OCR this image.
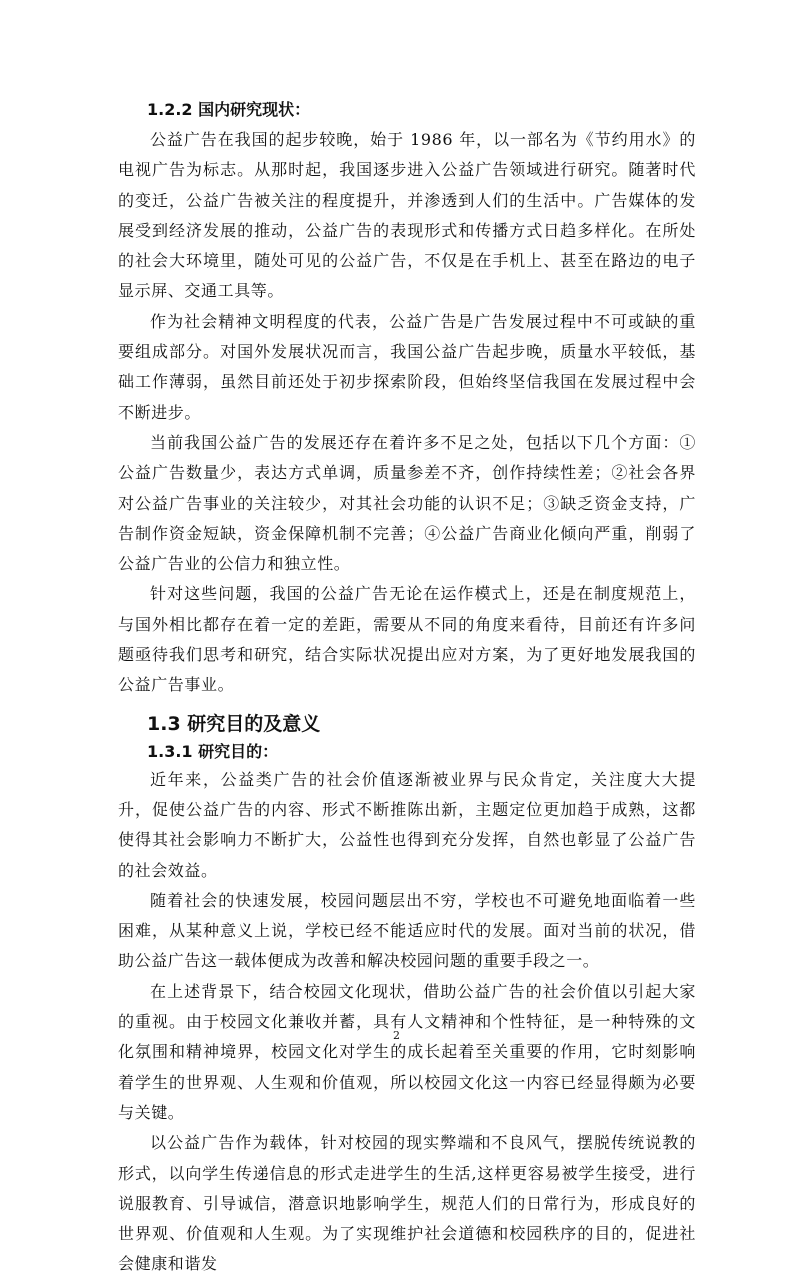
1.2.2 国内研究现状：

公益广告在我国的起步较晚，始于 1986 年，以一部名为《节约用水》的电视广告为标志。从那时起，我国逐步进入公益广告领域进行研究。随著时代的变迁，公益广告被关注的程度提升，并渗透到人们的生活中。广告媒体的发展受到经济发展的推动，公益广告的表现形式和传播方式日趋多样化。在所处的社会大环境里，随处可见的公益广告，不仅是在手机上、甚至在路边的电子显示屏、交通工具等。

作为社会精神文明程度的代表，公益广告是广告发展过程中不可或缺的重要组成部分。对国外发展状况而言，我国公益广告起步晚，质量水平较低，基础工作薄弱，虽然目前还处于初步探索阶段，但始终坚信我国在发展过程中会不断进步。

当前我国公益广告的发展还存在着许多不足之处，包括以下几个方面：①公益广告数量少，表达方式单调，质量参差不齐，创作持续性差；②社会各界对公益广告事业的关注较少，对其社会功能的认识不足；③缺乏资金支持，广告制作资金短缺，资金保障机制不完善；④公益广告商业化倾向严重，削弱了公益广告业的公信力和独立性。

针对这些问题，我国的公益广告无论在运作模式上，还是在制度规范上，与国外相比都存在着一定的差距，需要从不同的角度来看待，目前还有许多问题亟待我们思考和研究，结合实际状况提出应对方案，为了更好地发展我国的公益广告事业。

1.3 研究目的及意义
1.3.1 研究目的：

近年来，公益类广告的社会价值逐渐被业界与民众肯定，关注度大大提升，促使公益广告的内容、形式不断推陈出新，主题定位更加趋于成熟，这都使得其社会影响力不断扩大，公益性也得到充分发挥，自然也彰显了公益广告的社会效益。

随着社会的快速发展，校园问题层出不穷，学校也不可避免地面临着一些困难，从某种意义上说，学校已经不能适应时代的发展。面对当前的状况，借助公益广告这一载体便成为改善和解决校园问题的重要手段之一。

在上述背景下，结合校园文化现状，借助公益广告的社会价值以引起大家的重视。由于校园文化兼收并蓄，具有人文精神和个性特征，是一种特殊的文化氛围和精神境界，校园文化对学生的成长起着至关重要的作用，它时刻影响着学生的世界观、人生观和价值观，所以校园文化这一内容已经显得颇为必要与关键。

以公益广告作为载体，针对校园的现实弊端和不良风气，摆脱传统说教的形式，以向学生传递信息的形式走进学生的生活,这样更容易被学生接受，进行说服教育、引导诚信，潜意识地影响学生，规范人们的日常行为，形成良好的世界观、价值观和人生观。为了实现维护社会道德和校园秩序的目的，促进社会健康和谐发

2
